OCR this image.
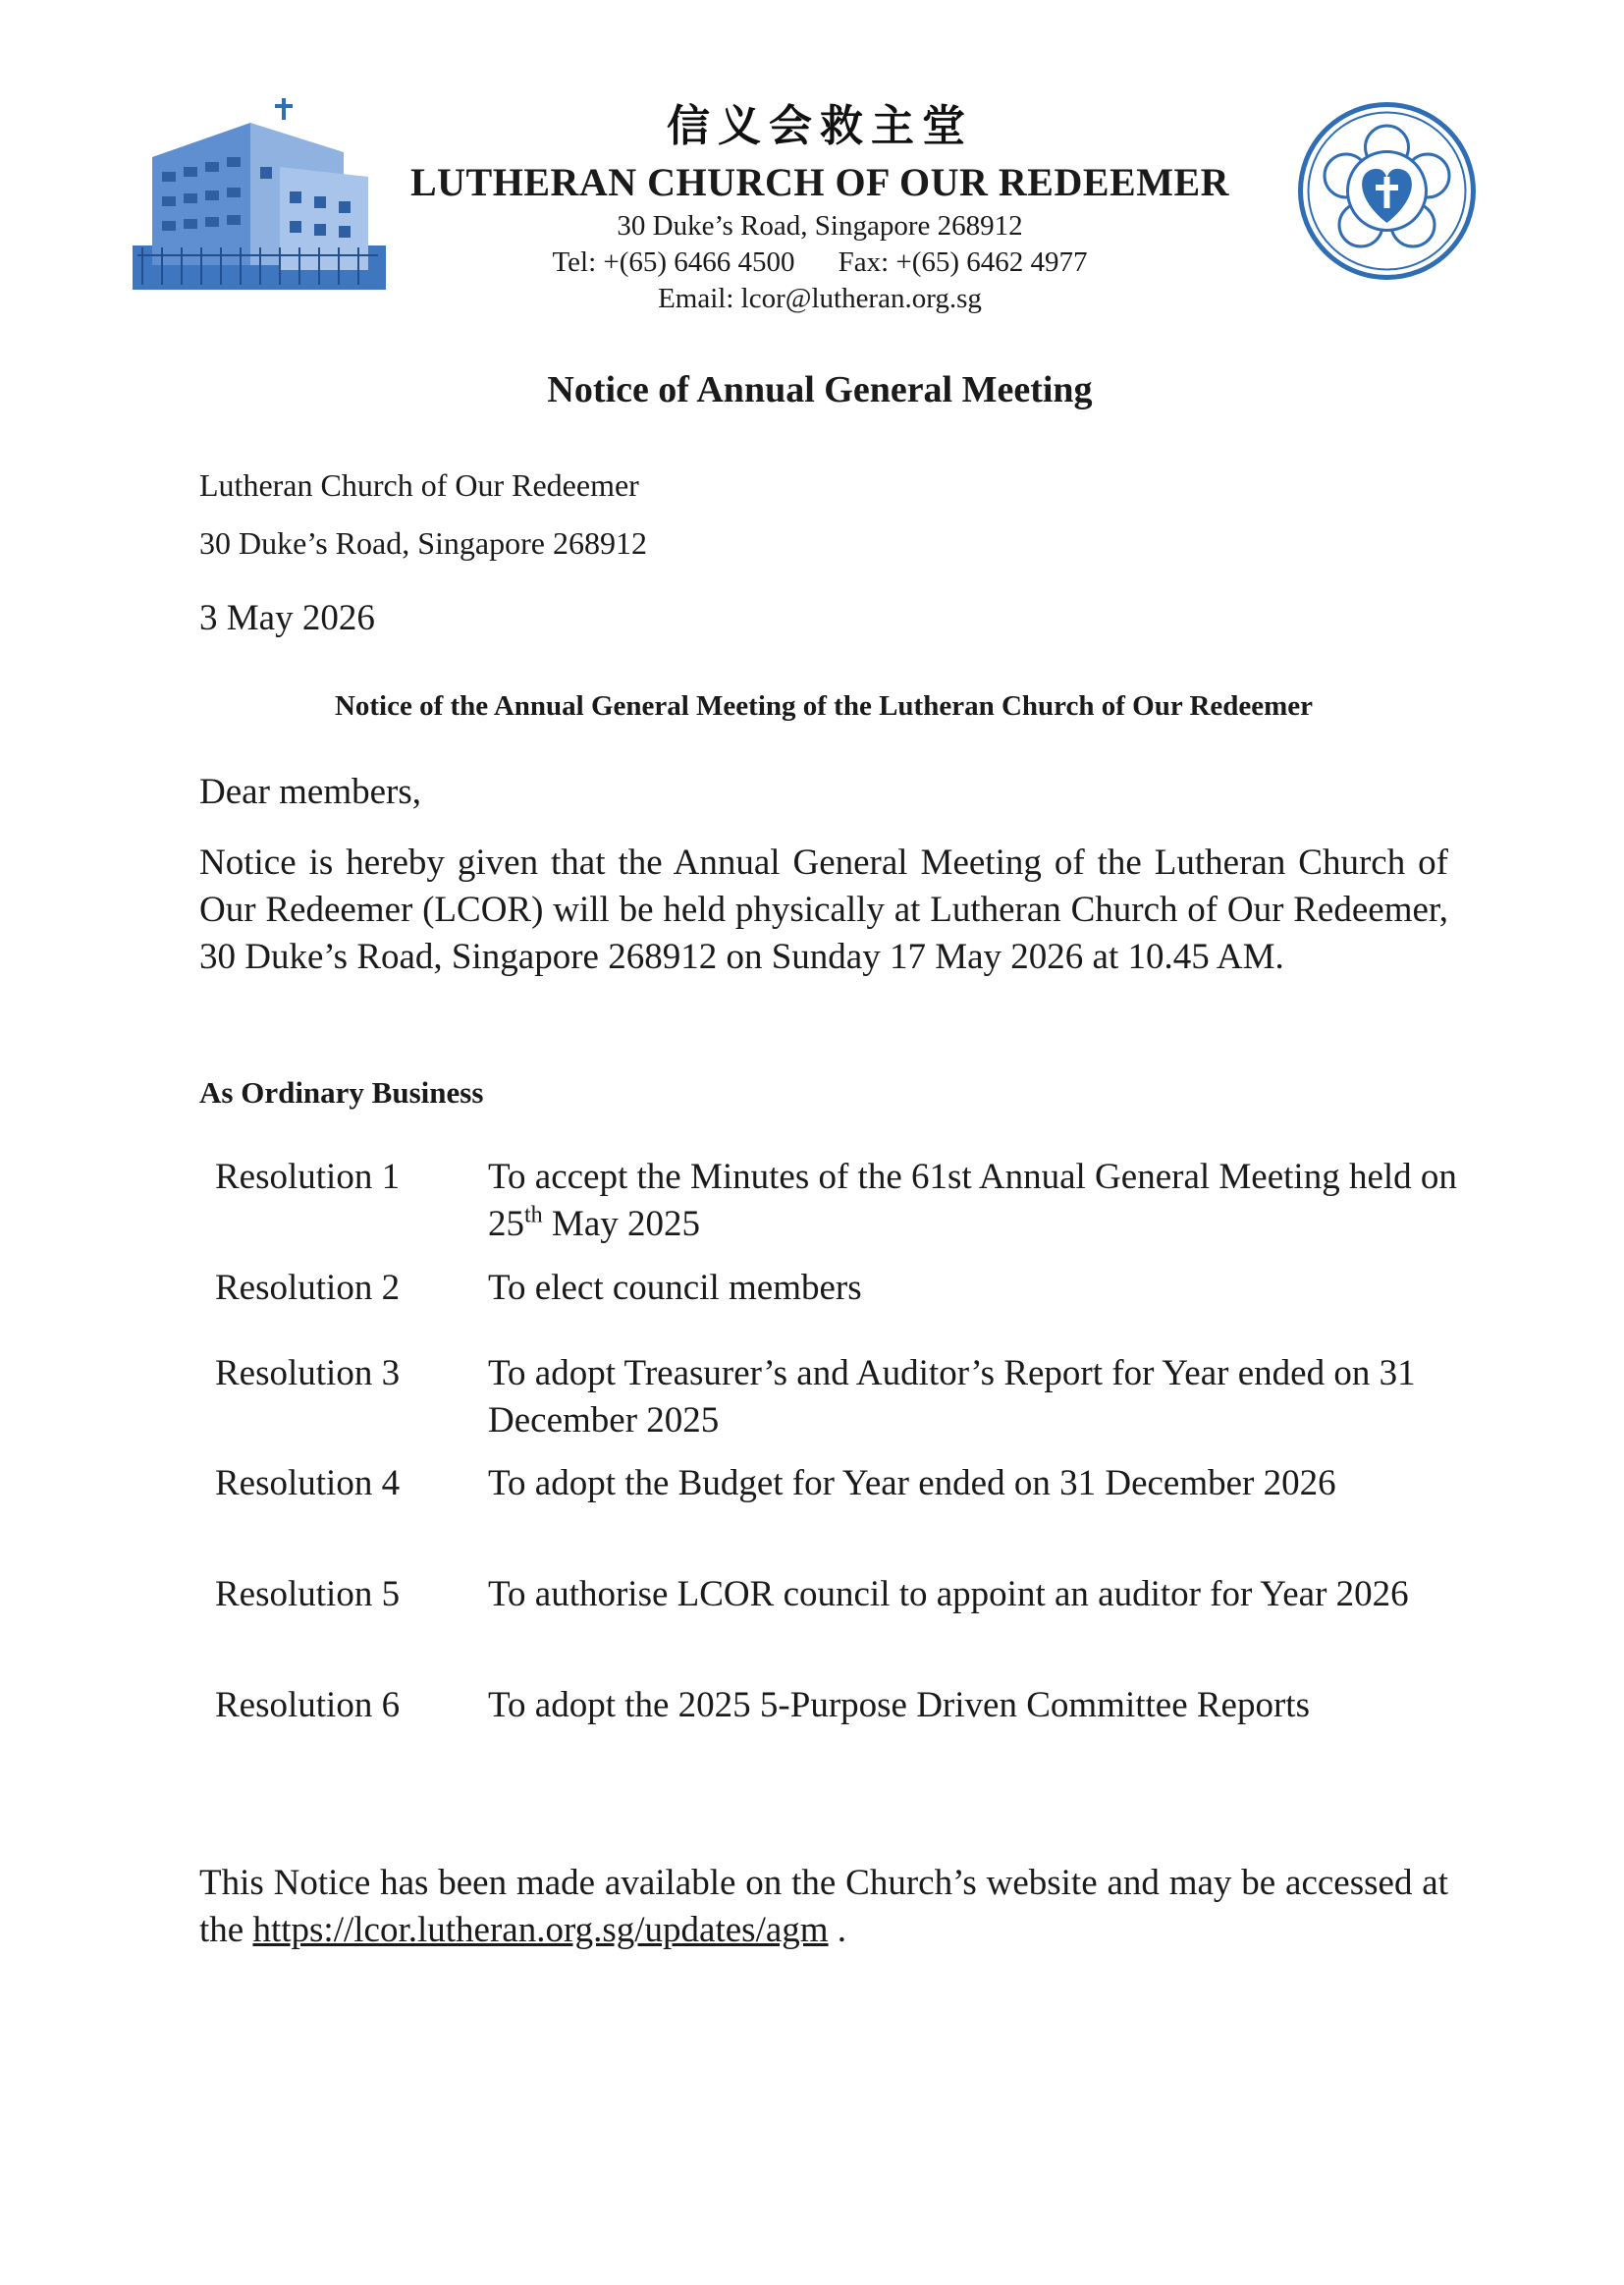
信义会救主堂
LUTHERAN CHURCH OF OUR REDEEMER
30 Duke’s Road, Singapore 268912
Tel: +(65) 6466 4500 Fax: +(65) 6462 4977
Email: lcor@lutheran.org.sg
Notice of Annual General Meeting
Lutheran Church of Our Redeemer
30 Duke’s Road, Singapore 268912
3 May 2026
Notice of the Annual General Meeting of the Lutheran Church of Our Redeemer
Dear members,
Notice is hereby given that the Annual General Meeting of the Lutheran Church of Our Redeemer (LCOR) will be held physically at Lutheran Church of Our Redeemer, 30 Duke’s Road, Singapore 268912 on Sunday 17 May 2026 at 10.45 AM.
As Ordinary Business
Resolution 1 To accept the Minutes of the 61st Annual General Meeting held on 25th May 2025
Resolution 2 To elect council members
Resolution 3 To adopt Treasurer’s and Auditor’s Report for Year ended on 31 December 2025
Resolution 4 To adopt the Budget for Year ended on 31 December 2026
Resolution 5 To authorise LCOR council to appoint an auditor for Year 2026
Resolution 6 To adopt the 2025 5-Purpose Driven Committee Reports
This Notice has been made available on the Church’s website and may be accessed at the https://lcor.lutheran.org.sg/updates/agm .
